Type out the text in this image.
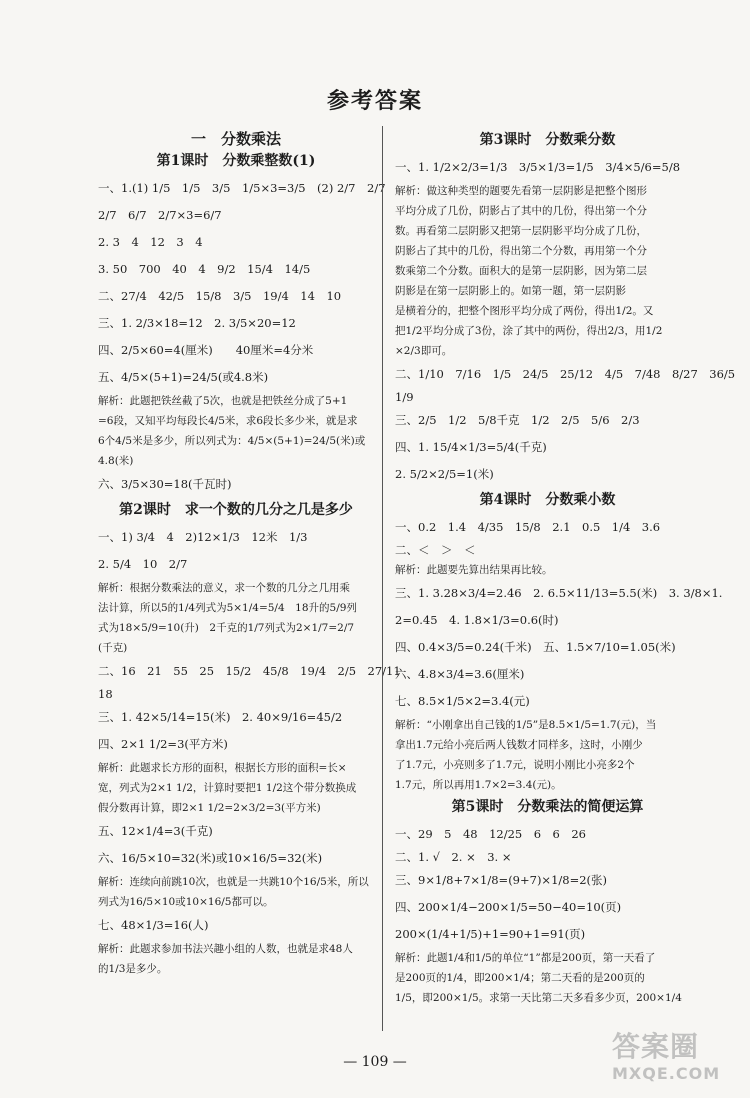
参考答案
一　分数乘法
第1课时　分数乘整数(1)
一、1.(1) 1/5　1/5　3/5　1/5×3=3/5　(2) 2/7　2/7
2/7　6/7　2/7×3=6/7
2. 3　4　12　3　4
3. 50　700　40　4　9/2　15/4　14/5
二、27/4　42/5　15/8　3/5　19/4　14　10
三、1. 2/3×18=12　2. 3/5×20=12
四、2/5×60=4(厘米)　　40厘米=4分米
五、4/5×(5+1)=24/5(或4.8米)
解析：此题把铁丝截了5次，也就是把铁丝分成了5+1
=6段，又知平均每段长4/5米，求6段长多少米，就是求
6个4/5米是多少，所以列式为：4/5×(5+1)=24/5(米)或
4.8(米)
六、3/5×30=18(千瓦时)
第2课时　求一个数的几分之几是多少
一、1) 3/4　4　2)12×1/3　12米　1/3
2. 5/4　10　2/7
解析：根据分数乘法的意义，求一个数的几分之几用乘
法计算，所以5的1/4列式为5×1/4=5/4　18升的5/9列
式为18×5/9=10(升)　2千克的1/7列式为2×1/7=2/7
(千克)
二、16　21　55　25　15/2　45/8　19/4　2/5　27/11
18
三、1. 42×5/14=15(米)　2. 40×9/16=45/2
四、2×1 1/2=3(平方米)
解析：此题求长方形的面积，根据长方形的面积=长×
宽，列式为2×1 1/2，计算时要把1 1/2这个带分数换成
假分数再计算，即2×1 1/2=2×3/2=3(平方米)
五、12×1/4=3(千克)
六、16/5×10=32(米)或10×16/5=32(米)
解析：连续向前跳10次，也就是一共跳10个16/5米，所以
列式为16/5×10或10×16/5都可以。
七、48×1/3=16(人)
解析：此题求参加书法兴趣小组的人数，也就是求48人
的1/3是多少。
第3课时　分数乘分数
一、1. 1/2×2/3=1/3　3/5×1/3=1/5　3/4×5/6=5/8
解析：做这种类型的题要先看第一层阴影是把整个图形
平均分成了几份，阴影占了其中的几份，得出第一个分
数。再看第二层阴影又把第一层阴影平均分成了几份，
阴影占了其中的几份，得出第二个分数，再用第一个分
数乘第二个分数。面积大的是第一层阴影，因为第二层
阴影是在第一层阴影上的。如第一题，第一层阴影
是横着分的，把整个图形平均分成了两份，得出1/2。又
把1/2平均分成了3份，涂了其中的两份，得出2/3，用1/2
×2/3即可。
二、1/10　7/16　1/5　24/5　25/12　4/5　7/48　8/27　36/5
1/9
三、2/5　1/2　5/8千克　1/2　2/5　5/6　2/3
四、1. 15/4×1/3=5/4(千克)
2. 5/2×2/5=1(米)
第4课时　分数乘小数
一、0.2　1.4　4/35　15/8　2.1　0.5　1/4　3.6
二、＜　＞　＜
解析：此题要先算出结果再比较。
三、1. 3.28×3/4=2.46　2. 6.5×11/13=5.5(米)　3. 3/8×1.
2=0.45　4. 1.8×1/3=0.6(时)
四、0.4×3/5=0.24(千米)　五、1.5×7/10=1.05(米)
六、4.8×3/4=3.6(厘米)
七、8.5×1/5×2=3.4(元)
解析：“小刚拿出自己钱的1/5”是8.5×1/5=1.7(元)，当
拿出1.7元给小亮后两人钱数才同样多，这时，小刚少
了1.7元，小亮则多了1.7元，说明小刚比小亮多2个
1.7元，所以再用1.7×2=3.4(元)。
第5课时　分数乘法的简便运算
一、29　5　48　12/25　6　6　26
二、1. √　2. ×　3. ×
三、9×1/8+7×1/8=(9+7)×1/8=2(张)
四、200×1/4−200×1/5=50−40=10(页)
200×(1/4+1/5)+1=90+1=91(页)
解析：此题1/4和1/5的单位“1”都是200页，第一天看了
是200页的1/4，即200×1/4；第二天看的是200页的
1/5，即200×1/5。求第一天比第二天多看多少页，200×1/4
— 109 —	答案圈
MXQE.COM
